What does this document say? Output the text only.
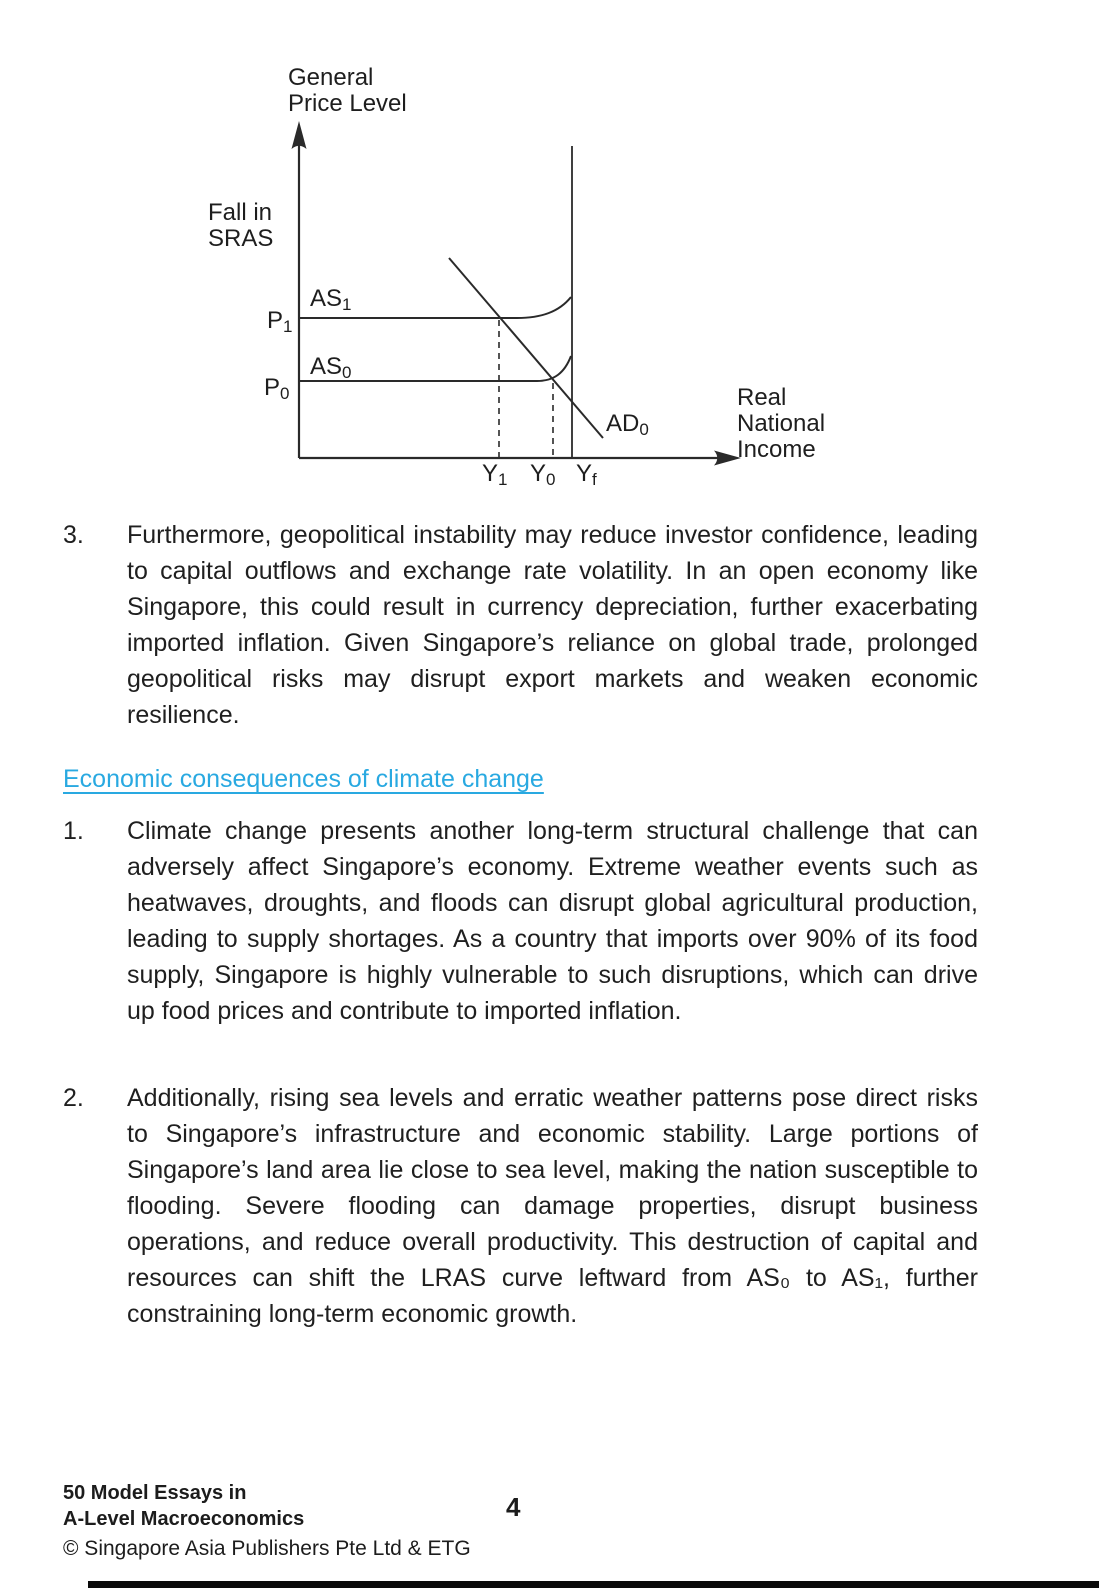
General
Price Level
Real
National
Income
Fall in
SRAS
AS1
AS0
P1
P0
AD0
Y1 Y0 Yf
3. Furthermore, geopolitical instability may reduce investor confidence, leading to capital outflows and exchange rate volatility. In an open economy like Singapore, this could result in currency depreciation, further exacerbating imported inflation. Given Singapore’s reliance on global trade, prolonged geopolitical risks may disrupt export markets and weaken economic resilience.

Economic consequences of climate change
1. Climate change presents another long-term structural challenge that can adversely affect Singapore’s economy. Extreme weather events such as heatwaves, droughts, and floods can disrupt global agricultural production, leading to supply shortages. As a country that imports over 90% of its food supply, Singapore is highly vulnerable to such disruptions, which can drive up food prices and contribute to imported inflation.

2. Additionally, rising sea levels and erratic weather patterns pose direct risks to Singapore’s infrastructure and economic stability. Large portions of Singapore’s land area lie close to sea level, making the nation susceptible to flooding. Severe flooding can damage properties, disrupt business operations, and reduce overall productivity. This destruction of capital and resources can shift the LRAS curve leftward from AS₀ to AS₁, further constraining long-term economic growth.

50 Model Essays in
A-Level Macroeconomics	4
© Singapore Asia Publishers Pte Ltd & ETG
